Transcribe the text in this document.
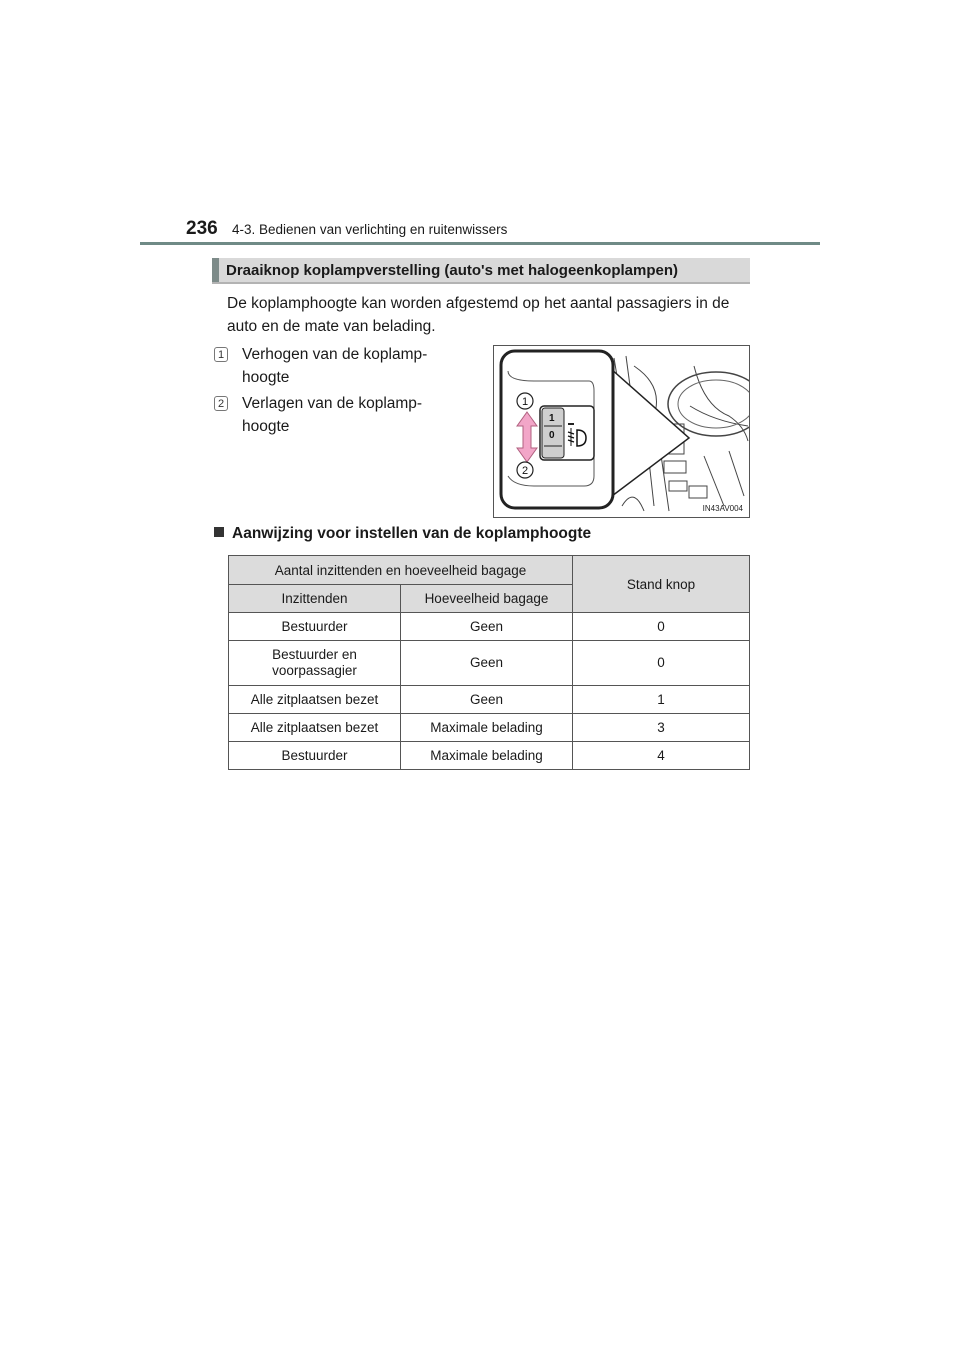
236 4-3. Bedienen van verlichting en ruitenwissers
Draaiknop koplampverstelling (auto's met halogeenkoplampen)
De koplamphoogte kan worden afgestemd op het aantal passagiers in de auto en de mate van belading.
1 Verhogen van de koplamp-hoogte
2 Verlagen van de koplamp-hoogte	1
0
1
2
IN43AV004
Aanwijzing voor instellen van de koplamphoogte
Aantal inzittenden en hoeveelheid bagage		Stand knop
Inzittenden	Hoeveelheid bagage	
Bestuurder	Geen	0
Bestuurder en voorpassagier	Geen	0
Alle zitplaatsen bezet	Geen	1
Alle zitplaatsen bezet	Maximale belading	3
Bestuurder	Maximale belading	4
